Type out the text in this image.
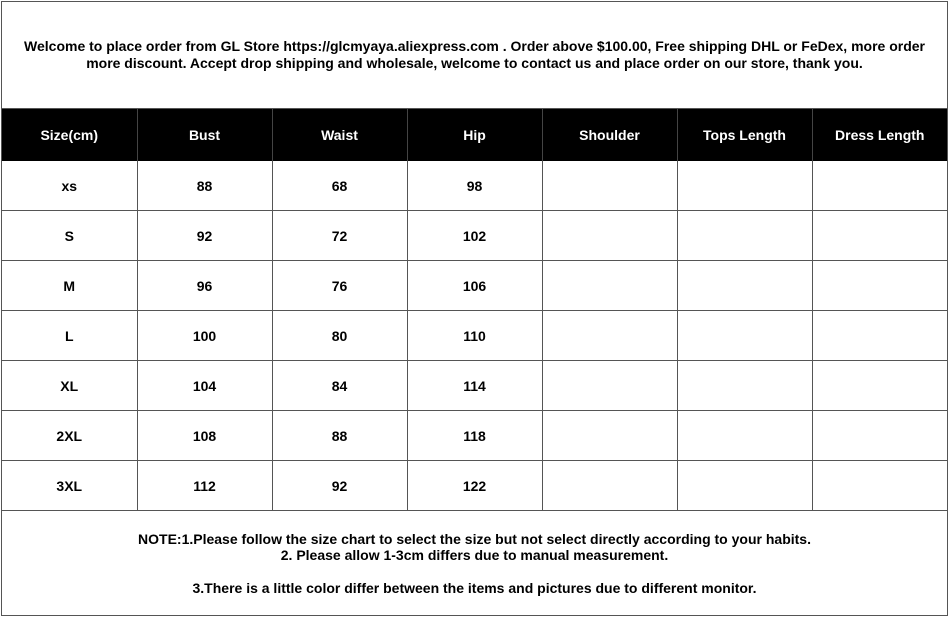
Welcome to place order from GL Store https://glcmyaya.aliexpress.com . Order above $100.00, Free shipping DHL or FeDex, more order
more discount. Accept drop shipping and wholesale, welcome to contact us and place order on our store, thank you.
Size(cm)	Bust	Waist	Hip	Shoulder	Tops Length	Dress Length
xs	88	68	98			
S	92	72	102			
M	96	76	106			
L	100	80	110			
XL	104	84	114			
2XL	108	88	118			
3XL	112	92	122			
NOTE:1.Please follow the size chart to select the size but not select directly according to your habits.
2. Please allow 1-3cm differs due to manual measurement.
3.There is a little color differ between the items and pictures due to different monitor.
